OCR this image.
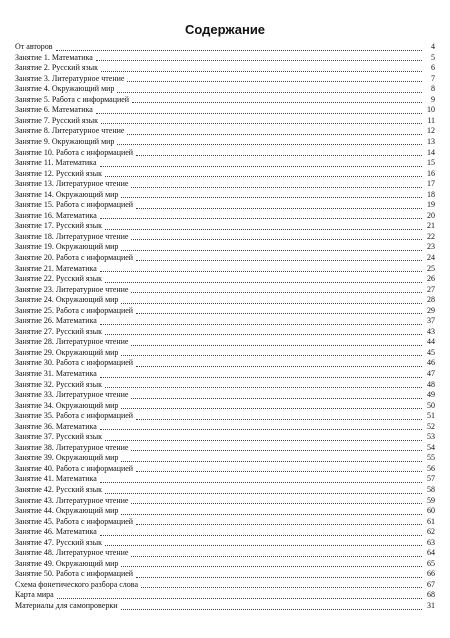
Содержание
От авторов	4
Занятие 1. Математика	5
Занятие 2. Русский язык	6
Занятие 3. Литературное чтение	7
Занятие 4. Окружающий мир	8
Занятие 5. Работа с информацией	9
Занятие 6. Математика	10
Занятие 7. Русский язык	11
Занятие 8. Литературное чтение	12
Занятие 9. Окружающий мир	13
Занятие 10. Работа с информацией	14
Занятие 11. Математика	15
Занятие 12. Русский язык	16
Занятие 13. Литературное чтение	17
Занятие 14. Окружающий мир	18
Занятие 15. Работа с информацией	19
Занятие 16. Математика	20
Занятие 17. Русский язык	21
Занятие 18. Литературное чтение	22
Занятие 19. Окружающий мир	23
Занятие 20. Работа с информацией	24
Занятие 21. Математика	25
Занятие 22. Русский язык	26
Занятие 23. Литературное чтение	27
Занятие 24. Окружающий мир	28
Занятие 25. Работа с информацией	29
Занятие 26. Математика	37
Занятие 27. Русский язык	43
Занятие 28. Литературное чтение	44
Занятие 29. Окружающий мир	45
Занятие 30. Работа с информацией	46
Занятие 31. Математика	47
Занятие 32. Русский язык	48
Занятие 33. Литературное чтение	49
Занятие 34. Окружающий мир	50
Занятие 35. Работа с информацией	51
Занятие 36. Математика	52
Занятие 37. Русский язык	53
Занятие 38. Литературное чтение	54
Занятие 39. Окружающий мир	55
Занятие 40. Работа с информацией	56
Занятие 41. Математика	57
Занятие 42. Русский язык	58
Занятие 43. Литературное чтение	59
Занятие 44. Окружающий мир	60
Занятие 45. Работа с информацией	61
Занятие 46. Математика	62
Занятие 47. Русский язык	63
Занятие 48. Литературное чтение	64
Занятие 49. Окружающий мир	65
Занятие 50. Работа с информацией	66
Схема фонетического разбора слова	67
Карта мира	68
Материалы для самопроверки	31
